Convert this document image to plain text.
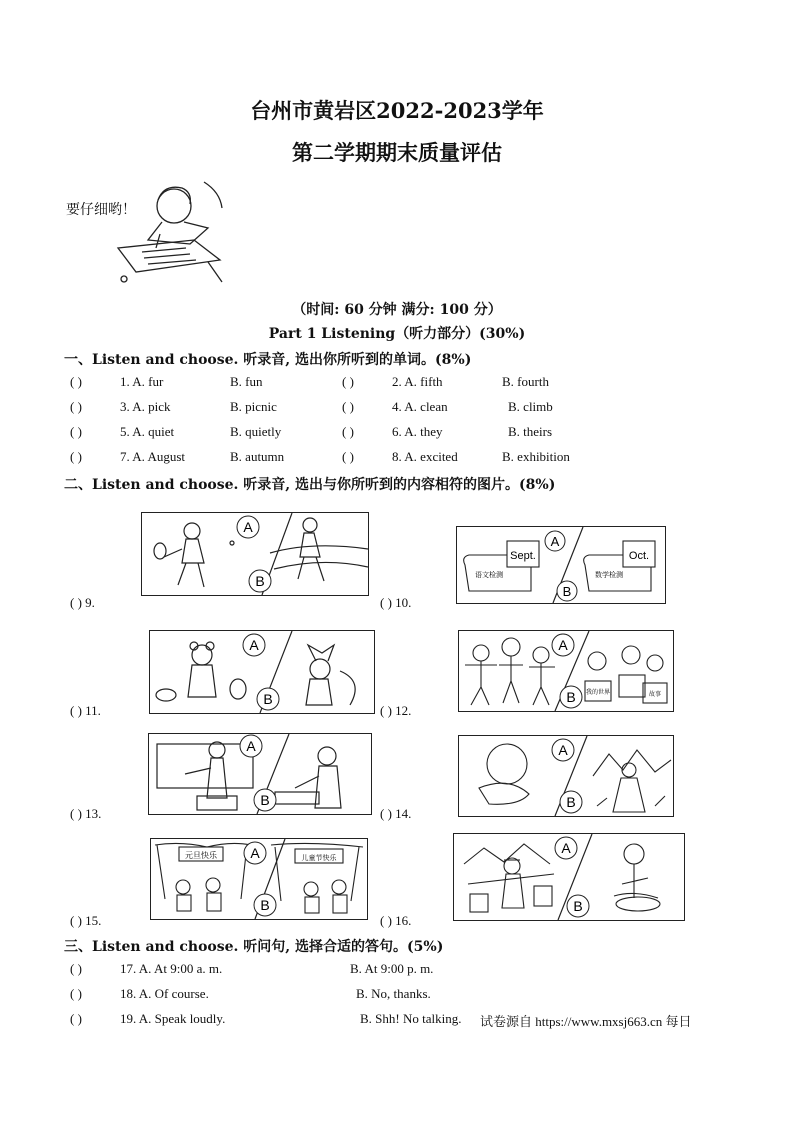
台州市黄岩区2022-2023学年
第二学期期末质量评估
要仔细哟！
（时间: 60 分钟 满分: 100 分）
Part 1 Listening（听力部分）(30%)
一、Listen and choose. 听录音, 选出你所听到的单词。(8%)
( )	1. A. fur	B. fun	( )	2. A. fifth	B. fourth
( )	3. A. pick	B. picnic	( )	4. A. clean	B. climb
( )	5. A. quiet	B. quietly	( )	6. A. they	B. theirs
( )	7. A. August	B. autumn	( )	8. A. excited	B. exhibition
二、Listen and choose. 听录音, 选出与你所听到的内容相符的图片。(8%)
A
B
( ) 9.
Sept.	Oct.
语文检测	数学检测
A
B
( ) 10.
A
B
( ) 11.
我的世界	故事
A
B
( ) 12.
A
B
( ) 13.
A
B
( ) 14.
元旦快乐	儿童节快乐
A
B
( ) 15.
A
B
( ) 16.
三、Listen and choose. 听问句, 选择合适的答句。(5%)
( )	17. A. At 9:00 a. m.	B. At 9:00 p. m.
( )	18. A. Of course.	B. No, thanks.
( )	19. A. Speak loudly.	B. Shh! No talking. 试卷源自 https://www.mxsj663.cn 每日
